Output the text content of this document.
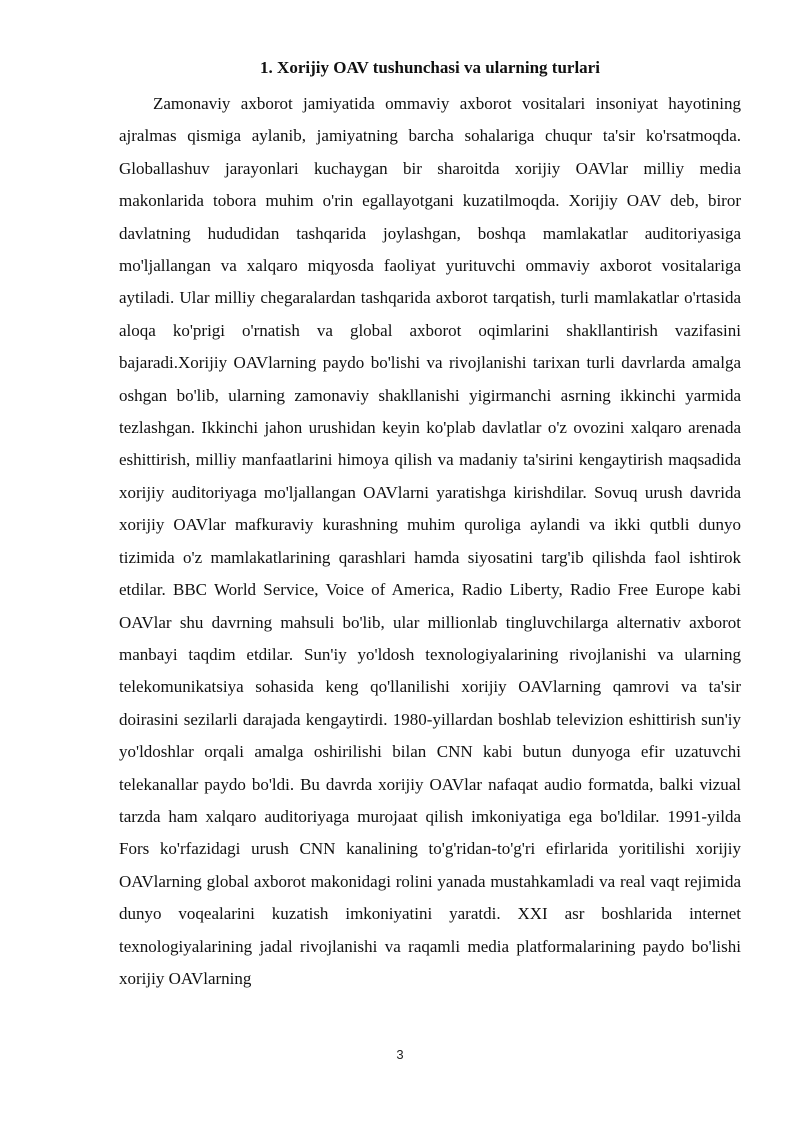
1. Xorijiy OAV tushunchasi va ularning turlari

Zamonaviy axborot jamiyatida ommaviy axborot vositalari insoniyat hayotining ajralmas qismiga aylanib, jamiyatning barcha sohalariga chuqur ta'sir ko'rsatmoqda. Globallashuv jarayonlari kuchaygan bir sharoitda xorijiy OAVlar milliy media makonlarida tobora muhim o'rin egallayotgani kuzatilmoqda. Xorijiy OAV deb, biror davlatning hududidan tashqarida joylashgan, boshqa mamlakatlar auditoriyasiga mo'ljallangan va xalqaro miqyosda faoliyat yurituvchi ommaviy axborot vositalariga aytiladi. Ular milliy chegaralardan tashqarida axborot tarqatish, turli mamlakatlar o'rtasida aloqa ko'prigi o'rnatish va global axborot oqimlarini shakllantirish vazifasini bajaradi.Xorijiy OAVlarning paydo bo'lishi va rivojlanishi tarixan turli davrlarda amalga oshgan bo'lib, ularning zamonaviy shakllanishi yigirmanchi asrning ikkinchi yarmida tezlashgan. Ikkinchi jahon urushidan keyin ko'plab davlatlar o'z ovozini xalqaro arenada eshittirish, milliy manfaatlarini himoya qilish va madaniy ta'sirini kengaytirish maqsadida xorijiy auditoriyaga mo'ljallangan OAVlarni yaratishga kirishdilar. Sovuq urush davrida xorijiy OAVlar mafkuraviy kurashning muhim quroliga aylandi va ikki qutbli dunyo tizimida o'z mamlakatlarining qarashlari hamda siyosatini targ'ib qilishda faol ishtirok etdilar. BBC World Service, Voice of America, Radio Liberty, Radio Free Europe kabi OAVlar shu davrning mahsuli bo'lib, ular millionlab tingluvchilarga alternativ axborot manbayi taqdim etdilar. Sun'iy yo'ldosh texnologiyalarining rivojlanishi va ularning telekomunikatsiya sohasida keng qo'llanilishi xorijiy OAVlarning qamrovi va ta'sir doirasini sezilarli darajada kengaytirdi. 1980-yillardan boshlab televizion eshittirish sun'iy yo'ldoshlar orqali amalga oshirilishi bilan CNN kabi butun dunyoga efir uzatuvchi telekanallar paydo bo'ldi. Bu davrda xorijiy OAVlar nafaqat audio formatda, balki vizual tarzda ham xalqaro auditoriyaga murojaat qilish imkoniyatiga ega bo'ldilar. 1991-yilda Fors ko'rfazidagi urush CNN kanalining to'g'ridan-to'g'ri efirlarida yoritilishi xorijiy OAVlarning global axborot makonidagi rolini yanada mustahkamladi va real vaqt rejimida dunyo voqealarini kuzatish imkoniyatini yaratdi. XXI asr boshlarida internet texnologiyalarining jadal rivojlanishi va raqamli media platformalarining paydo bo'lishi xorijiy OAVlarning

3
